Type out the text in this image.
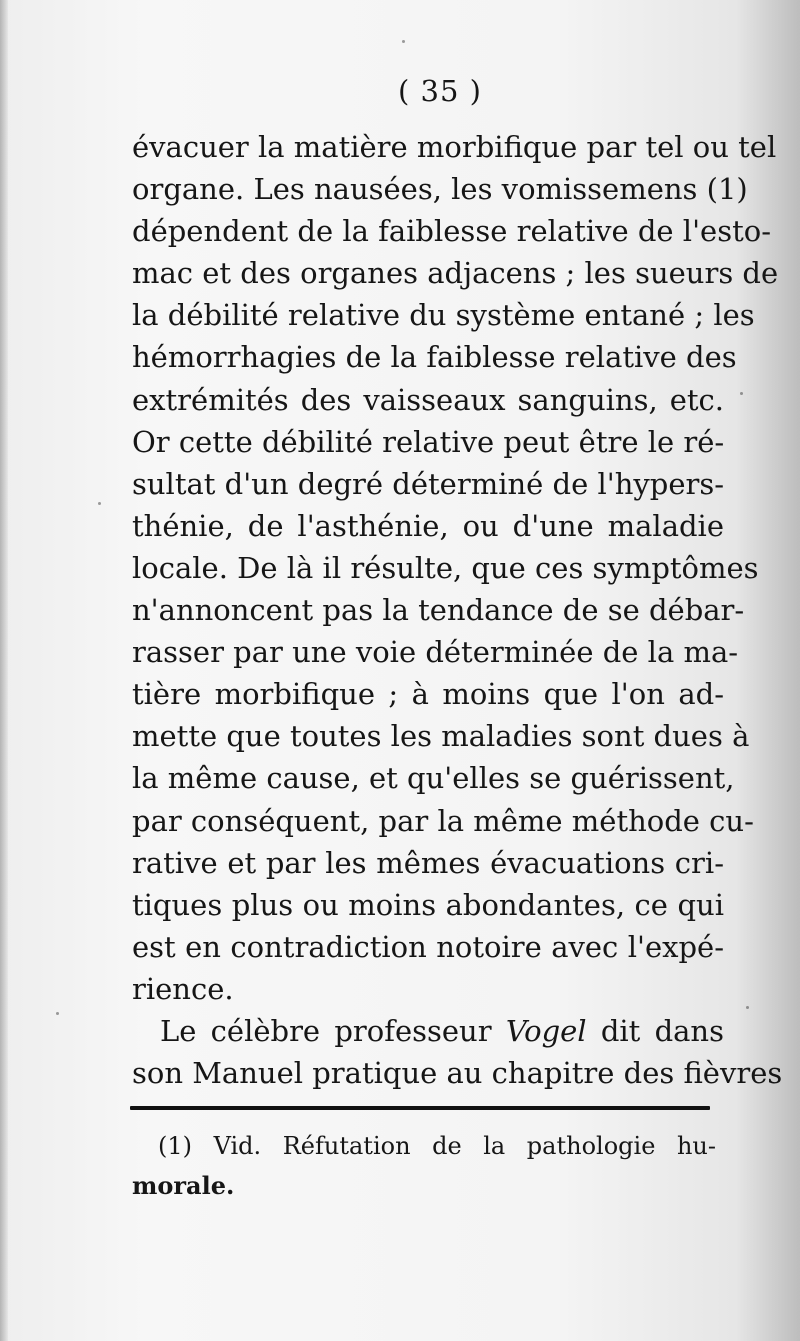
( 35 )
évacuer la matière morbifique par tel ou tel
organe. Les nausées, les vomissemens (1)
dépendent de la faiblesse relative de l'esto-
mac et des organes adjacens ; les sueurs de
la débilité relative du système entané ; les
hémorrhagies de la faiblesse relative des
extrémités des vaisseaux sanguins, etc.
Or cette débilité relative peut être le ré-
sultat d'un degré déterminé de l'hypers-
thénie, de l'asthénie, ou d'une maladie
locale. De là il résulte, que ces symptômes
n'annoncent pas la tendance de se débar-
rasser par une voie déterminée de la ma-
tière morbifique ; à moins que l'on ad-
mette que toutes les maladies sont dues à
la même cause, et qu'elles se guérissent,
par conséquent, par la même méthode cu-
rative et par les mêmes évacuations cri-
tiques plus ou moins abondantes, ce qui
est en contradiction notoire avec l'expé-
rience.
Le célèbre professeur Vogel dit dans
son Manuel pratique au chapitre des fièvres
(1) Vid. Réfutation de la pathologie hu-
morale.
